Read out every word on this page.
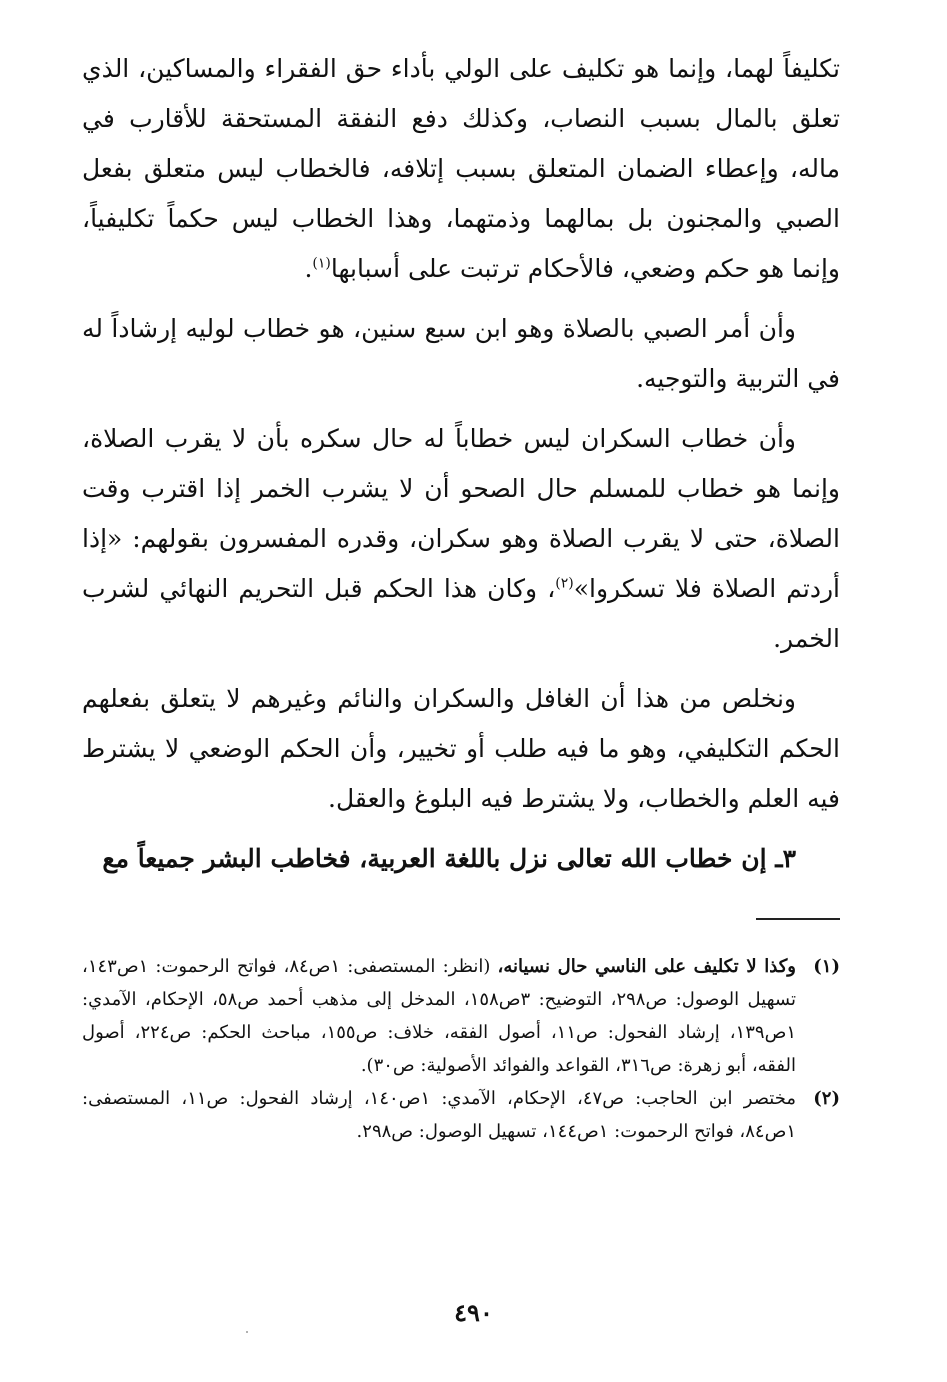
تكليفاً لهما، وإنما هو تكليف على الولي بأداء حق الفقراء والمساكين، الذي تعلق بالمال بسبب النصاب، وكذلك دفع النفقة المستحقة للأقارب في ماله، وإعطاء الضمان المتعلق بسبب إتلافه، فالخطاب ليس متعلق بفعل الصبي والمجنون بل بمالهما وذمتهما، وهذا الخطاب ليس حكماً تكليفياً، وإنما هو حكم وضعي، فالأحكام ترتبت على أسبابها$^{(١)}$.

وأن أمر الصبي بالصلاة وهو ابن سبع سنين، هو خطاب لوليه إرشاداً له في التربية والتوجيه.

وأن خطاب السكران ليس خطاباً له حال سكره بأن لا يقرب الصلاة، وإنما هو خطاب للمسلم حال الصحو أن لا يشرب الخمر إذا اقترب وقت الصلاة، حتى لا يقرب الصلاة وهو سكران، وقدره المفسرون بقولهم: «إذا أردتم الصلاة فلا تسكروا»$^{(٢)}$، وكان هذا الحكم قبل التحريم النهائي لشرب الخمر.

ونخلص من هذا أن الغافل والسكران والنائم وغيرهم لا يتعلق بفعلهم الحكم التكليفي، وهو ما فيه طلب أو تخيير، وأن الحكم الوضعي لا يشترط فيه العلم والخطاب، ولا يشترط فيه البلوغ والعقل.

٣ـ إن خطاب الله تعالى نزل باللغة العربية، فخاطب البشر جميعاً مع

(١)
وكذا لا تكليف على الناسي حال نسيانه، (انظر: المستصفى: ١ص٨٤، فواتح الرحموت: ١ص١٤٣، تسهيل الوصول: ص٢٩٨، التوضيح: ٣ص١٥٨، المدخل إلى مذهب أحمد ص٥٨، الإحكام، الآمدي: ١ص١٣٩، إرشاد الفحول: ص١١، أصول الفقه، خلاف: ص١٥٥، مباحث الحكم: ص٢٢٤، أصول الفقه، أبو زهرة: ص٣١٦، القواعد والفوائد الأصولية: ص٣٠).
(٢)
مختصر ابن الحاجب: ص٤٧، الإحكام، الآمدي: ١ص١٤٠، إرشاد الفحول: ص١١، المستصفى: ١ص٨٤، فواتح الرحموت: ١ص١٤٤، تسهيل الوصول: ص٢٩٨.
٤٩٠
